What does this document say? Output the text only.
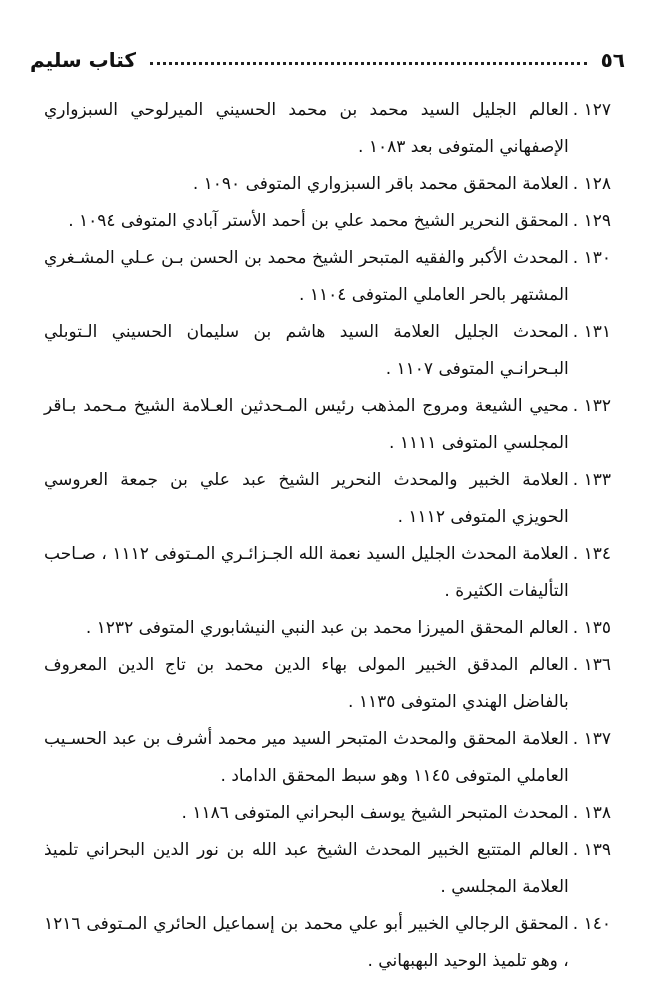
٥٦
كتاب سليم
١٢٧ .
العالم الجليل السيد محمد بن محمد الحسيني الميرلوحي السبزواري الإصفهاني المتوفى بعد ١٠٨٣ .
١٢٨ .
العلامة المحقق محمد باقر السبزواري المتوفى ١٠٩٠ .
١٢٩ .
المحقق النحرير الشيخ محمد علي بن أحمد الأستر آبادي المتوفى ١٠٩٤ .
١٣٠ .
المحدث الأكبر والفقيه المتبحر الشيخ محمد بن الحسن بـن عـلي المشـغري المشتهر بالحر العاملي المتوفى ١١٠٤ .
١٣١ .
المحدث الجليل العلامة السيد هاشم بن سليمان الحسيني الـتوبلي البـحرانـي المتوفى ١١٠٧ .
١٣٢ .
محيي الشيعة ومروج المذهب رئيس المـحدثين العـلامة الشيخ مـحمد بـاقر المجلسي المتوفى ١١١١ .
١٣٣ .
العلامة الخبير والمحدث النحرير الشيخ عبد علي بن جمعة العروسي الحويزي المتوفى ١١١٢ .
١٣٤ .
العلامة المحدث الجليل السيد نعمة الله الجـزائـري المـتوفى ١١١٢ ، صـاحب التأليفات الكثيرة .
١٣٥ .
العالم المحقق الميرزا محمد بن عبد النبي النيشابوري المتوفى ١٢٣٢ .
١٣٦ .
العالم المدقق الخبير المولى بهاء الدين محمد بن تاج الدين المعروف بالفاضل الهندي المتوفى ١١٣٥ .
١٣٧ .
العلامة المحقق والمحدث المتبحر السيد مير محمد أشرف بن عبد الحسـيب العاملي المتوفى ١١٤٥ وهو سبط المحقق الداماد .
١٣٨ .
المحدث المتبحر الشيخ يوسف البحراني المتوفى ١١٨٦ .
١٣٩ .
العالم المتتبع الخبير المحدث الشيخ عبد الله بن نور الدين البحراني تلميذ العلامة المجلسي .
١٤٠ .
المحقق الرجالي الخبير أبو علي محمد بن إسماعيل الحائري المـتوفى ١٢١٦ ، وهو تلميذ الوحيد البهبهاني .
